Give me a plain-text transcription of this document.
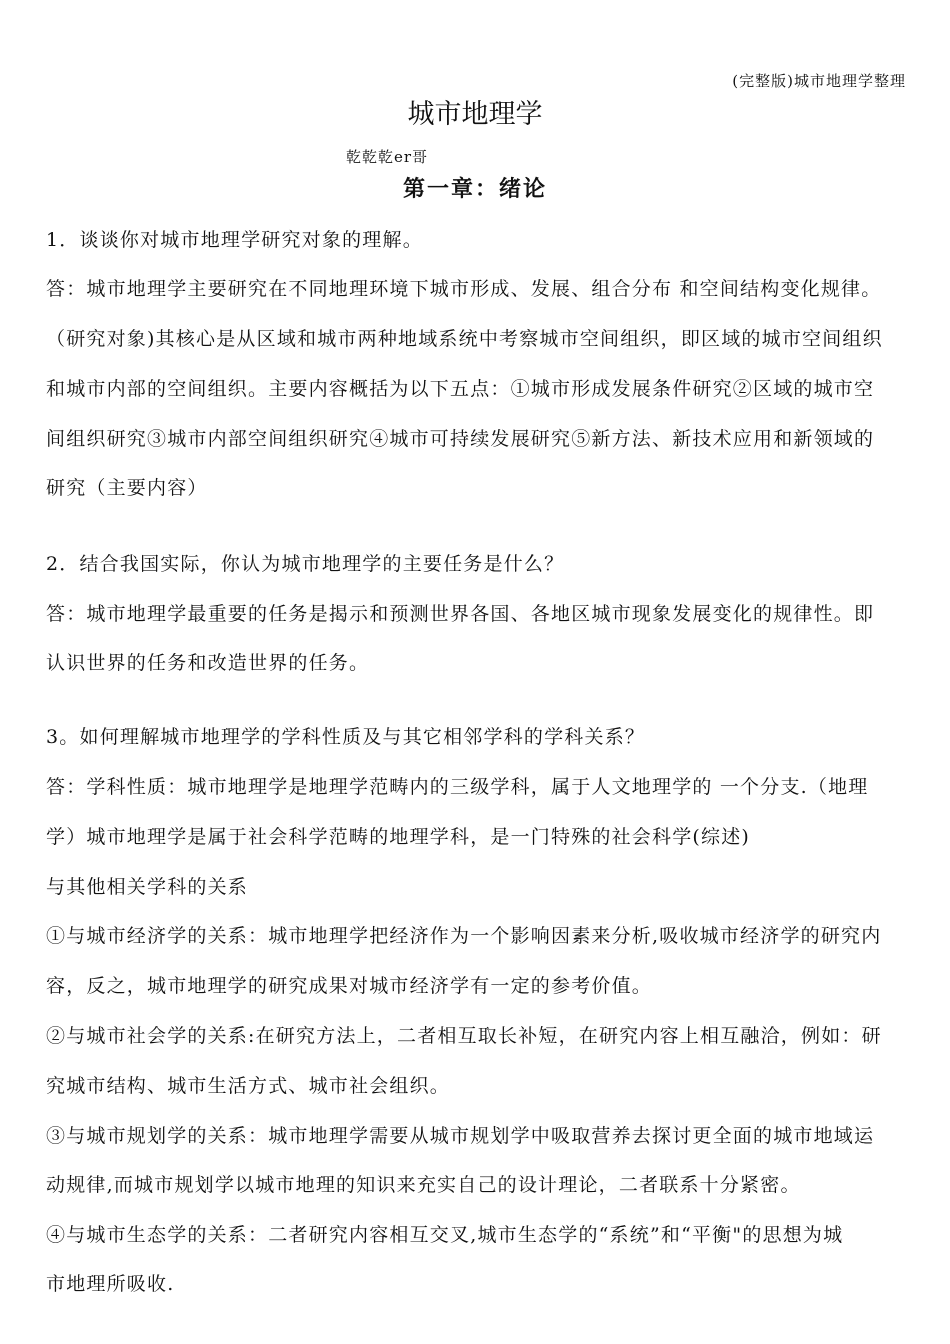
(完整版)城市地理学整理
城市地理学
乾乾乾er哥
第一章：绪论
1．谈谈你对城市地理学研究对象的理解。
答：城市地理学主要研究在不同地理环境下城市形成、发展、组合分布 和空间结构变化规律。
（研究对象)其核心是从区域和城市两种地域系统中考察城市空间组织，即区域的城市空间组织
和城市内部的空间组织。主要内容概括为以下五点：①城市形成发展条件研究②区域的城市空
间组织研究③城市内部空间组织研究④城市可持续发展研究⑤新方法、新技术应用和新领域的
研究（主要内容）
2．结合我国实际，你认为城市地理学的主要任务是什么？
答：城市地理学最重要的任务是揭示和预测世界各国、各地区城市现象发展变化的规律性。即
认识世界的任务和改造世界的任务。
3。如何理解城市地理学的学科性质及与其它相邻学科的学科关系？
答：学科性质：城市地理学是地理学范畴内的三级学科，属于人文地理学的 一个分支.（地理
学）城市地理学是属于社会科学范畴的地理学科，是一门特殊的社会科学(综述)
与其他相关学科的关系
①与城市经济学的关系：城市地理学把经济作为一个影响因素来分析,吸收城市经济学的研究内
容，反之，城市地理学的研究成果对城市经济学有一定的参考价值。
②与城市社会学的关系:在研究方法上，二者相互取长补短，在研究内容上相互融洽，例如：研
究城市结构、城市生活方式、城市社会组织。
③与城市规划学的关系：城市地理学需要从城市规划学中吸取营养去探讨更全面的城市地域运
动规律,而城市规划学以城市地理的知识来充实自己的设计理论，二者联系十分紧密。
④与城市生态学的关系：二者研究内容相互交叉,城市生态学的“系统”和“平衡"的思想为城
市地理所吸收.
